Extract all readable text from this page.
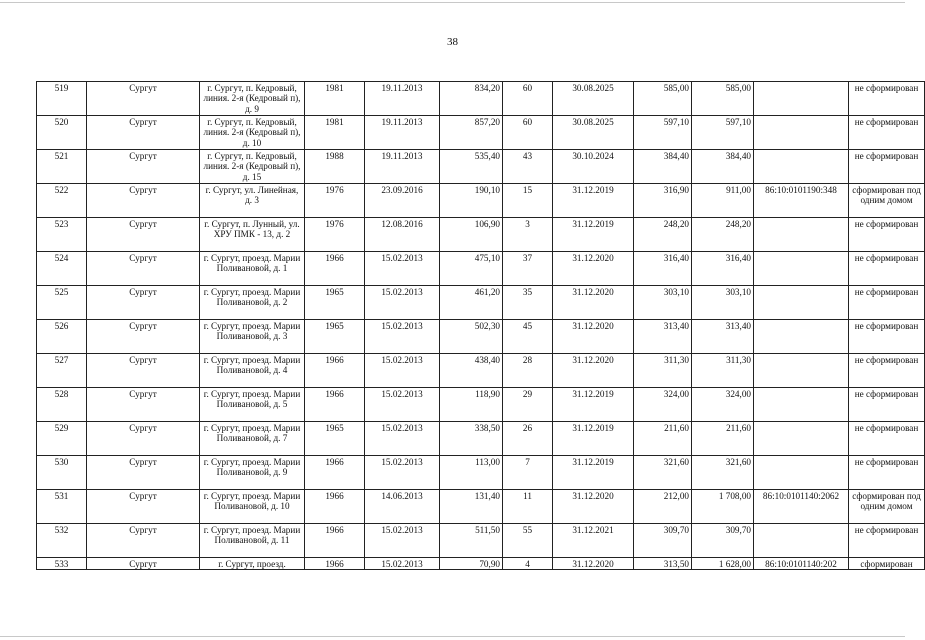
38
519	Сургут	г. Сургут, п. Кедровый, линия. 2-я (Кедровый п), д. 9	1981	19.11.2013	834,20	60	30.08.2025	585,00	585,00		не сформирован
520	Сургут	г. Сургут, п. Кедровый, линия. 2-я (Кедровый п), д. 10	1981	19.11.2013	857,20	60	30.08.2025	597,10	597,10		не сформирован
521	Сургут	г. Сургут, п. Кедровый, линия. 2-я (Кедровый п), д. 15	1988	19.11.2013	535,40	43	30.10.2024	384,40	384,40		не сформирован
522	Сургут	г. Сургут, ул. Линейная, д. 3	1976	23.09.2016	190,10	15	31.12.2019	316,90	911,00	86:10:0101190:348	сформирован под одним домом
523	Сургут	г. Сургут, п. Лунный, ул. ХРУ ПМК - 13, д. 2	1976	12.08.2016	106,90	3	31.12.2019	248,20	248,20		не сформирован
524	Сургут	г. Сургут, проезд. Марии Поливановой, д. 1	1966	15.02.2013	475,10	37	31.12.2020	316,40	316,40		не сформирован
525	Сургут	г. Сургут, проезд. Марии Поливановой, д. 2	1965	15.02.2013	461,20	35	31.12.2020	303,10	303,10		не сформирован
526	Сургут	г. Сургут, проезд. Марии Поливановой, д. 3	1965	15.02.2013	502,30	45	31.12.2020	313,40	313,40		не сформирован
527	Сургут	г. Сургут, проезд. Марии Поливановой, д. 4	1966	15.02.2013	438,40	28	31.12.2020	311,30	311,30		не сформирован
528	Сургут	г. Сургут, проезд. Марии Поливановой, д. 5	1966	15.02.2013	118,90	29	31.12.2019	324,00	324,00		не сформирован
529	Сургут	г. Сургут, проезд. Марии Поливановой, д. 7	1965	15.02.2013	338,50	26	31.12.2019	211,60	211,60		не сформирован
530	Сургут	г. Сургут, проезд. Марии Поливановой, д. 9	1966	15.02.2013	113,00	7	31.12.2019	321,60	321,60		не сформирован
531	Сургут	г. Сургут, проезд. Марии Поливановой, д. 10	1966	14.06.2013	131,40	11	31.12.2020	212,00	1 708,00	86:10:0101140:2062	сформирован под одним домом
532	Сургут	г. Сургут, проезд. Марии Поливановой, д. 11	1966	15.02.2013	511,50	55	31.12.2021	309,70	309,70		не сформирован
533	Сургут	г. Сургут, проезд.	1966	15.02.2013	70,90	4	31.12.2020	313,50	1 628,00	86:10:0101140:202	сформирован
